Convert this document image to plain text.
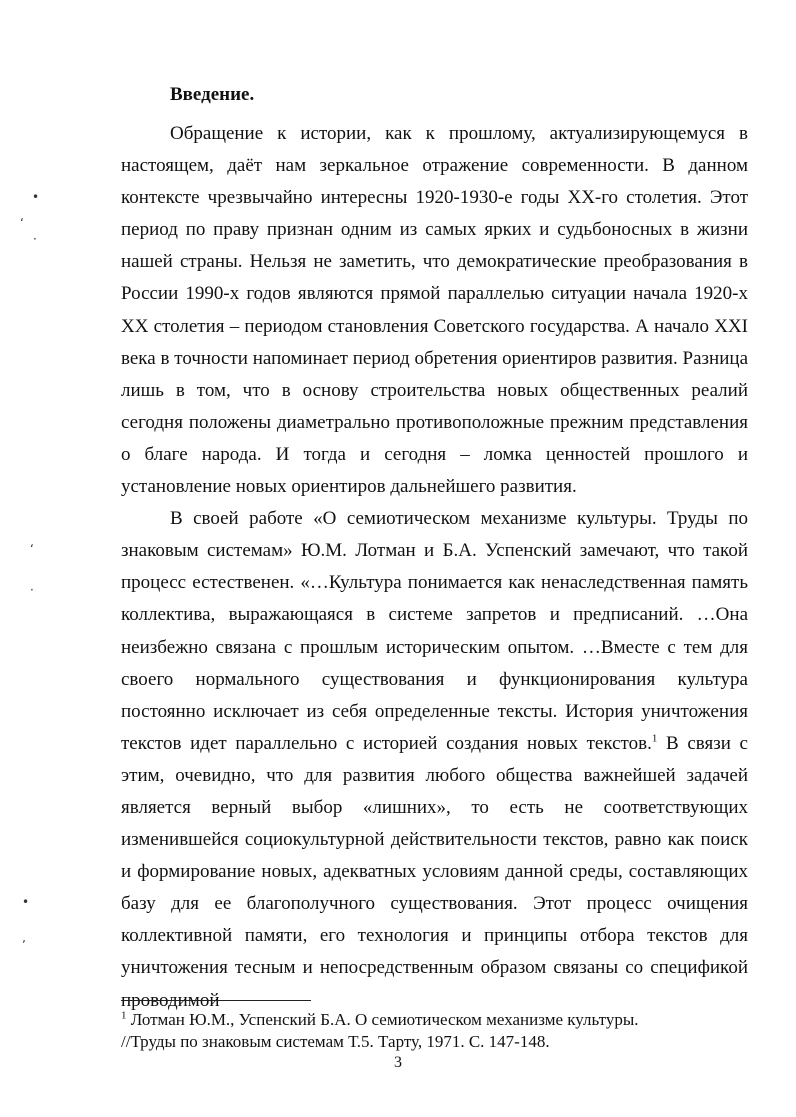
Введение.

Обращение к истории, как к прошлому, актуализирующемуся в настоящем, даёт нам зеркальное отражение современности. В данном контексте чрезвычайно интересны 1920-1930-е годы XX-го столетия. Этот период по праву признан одним из самых ярких и судьбоносных в жизни нашей страны. Нельзя не заметить, что демократические преобразования в России 1990-х годов являются прямой параллелью ситуации начала 1920-х XX столетия – периодом становления Советского государства. А начало XXI века в точности напоминает период обретения ориентиров развития. Разница лишь в том, что в основу строительства новых общественных реалий сегодня положены диаметрально противоположные прежним представления о благе народа. И тогда и сегодня – ломка ценностей прошлого и установление новых ориентиров дальнейшего развития.

В своей работе «О семиотическом механизме культуры. Труды по знаковым системам» Ю.М. Лотман и Б.А. Успенский замечают, что такой процесс естественен. «…Культура понимается как ненаследственная память коллектива, выражающаяся в системе запретов и предписаний. …Она неизбежно связана с прошлым историческим опытом. …Вместе с тем для своего нормального существования и функционирования культура постоянно исключает из себя определенные тексты. История уничтожения текстов идет параллельно с историей создания новых текстов.$^1$ В связи с этим, очевидно, что для развития любого общества важнейшей задачей является верный выбор «лишних», то есть не соответствующих изменившейся социокультурной действительности текстов, равно как поиск и формирование новых, адекватных условиям данной среды, составляющих базу для ее благополучного существования. Этот процесс очищения коллективной памяти, его технология и принципы отбора текстов для уничтожения тесным и непосредственным образом связаны со спецификой проводимой

$^1$ Лотман Ю.М., Успенский Б.А. О семиотическом механизме культуры.
//Труды по знаковым системам Т.5. Тарту, 1971. С. 147-148.

3

•
ʻ
·
ʻ
·
•
ʼ
